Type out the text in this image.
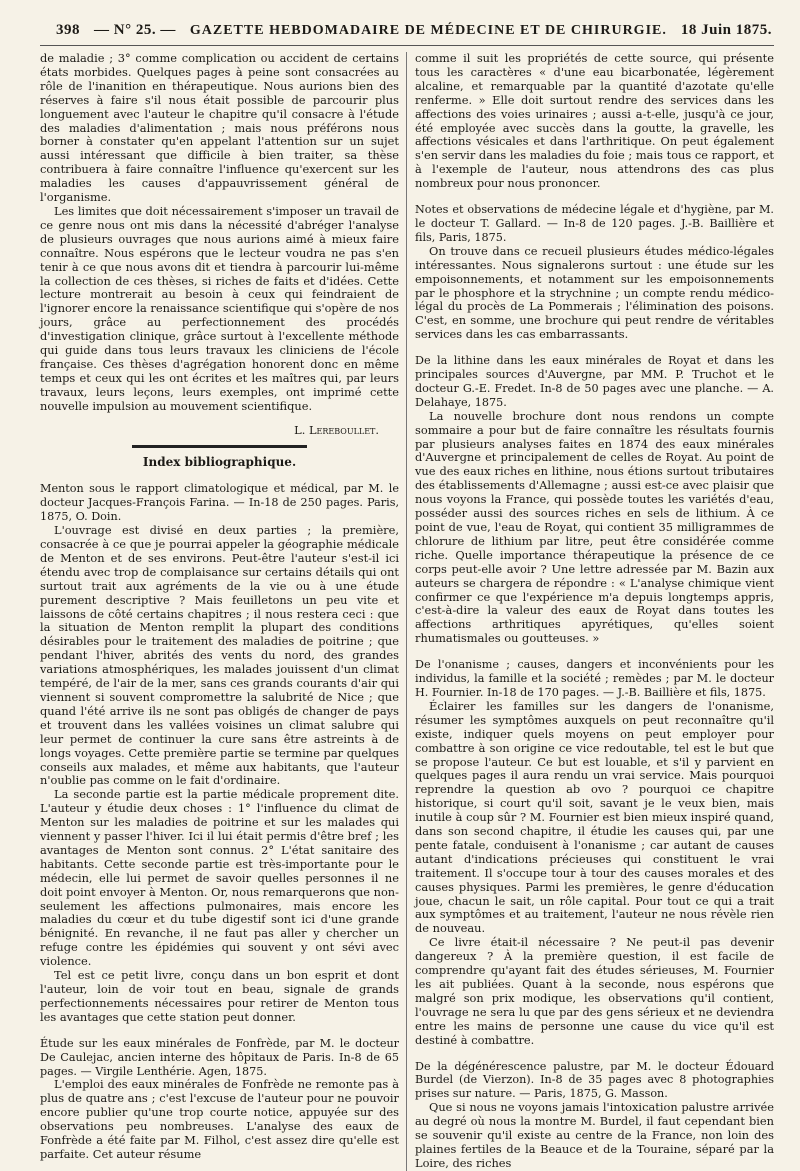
398 — N° 25. — GAZETTE HEBDOMADAIRE DE MÉDECINE ET DE CHIRURGIE. 18 Juin 1875.

de maladie ; 3° comme complication ou accident de certains états morbides. Quelques pages à peine sont consacrées au rôle de l'inanition en thérapeutique. Nous aurions bien des réserves à faire s'il nous était possible de parcourir plus longuement avec l'auteur le chapitre qu'il consacre à l'étude des maladies d'alimentation ; mais nous préférons nous borner à constater qu'en appelant l'attention sur un sujet aussi intéressant que difficile à bien traiter, sa thèse contribuera à faire connaître l'influence qu'exercent sur les maladies les causes d'appauvrissement général de l'organisme.

Les limites que doit nécessairement s'imposer un travail de ce genre nous ont mis dans la nécessité d'abréger l'analyse de plusieurs ouvrages que nous aurions aimé à mieux faire connaître. Nous espérons que le lecteur voudra ne pas s'en tenir à ce que nous avons dit et tiendra à parcourir lui-même la collection de ces thèses, si riches de faits et d'idées. Cette lecture montrerait au besoin à ceux qui feindraient de l'ignorer encore la renaissance scientifique qui s'opère de nos jours, grâce au perfectionnement des procédés d'investigation clinique, grâce surtout à l'excellente méthode qui guide dans tous leurs travaux les cliniciens de l'école française. Ces thèses d'agrégation honorent donc en même temps et ceux qui les ont écrites et les maîtres qui, par leurs travaux, leurs leçons, leurs exemples, ont imprimé cette nouvelle impulsion au mouvement scientifique.

L. Lereboullet.
Index bibliographique.

Menton sous le rapport climatologique et médical, par M. le docteur Jacques-François Farina. — In-18 de 250 pages. Paris, 1875, O. Doin.

L'ouvrage est divisé en deux parties ; la première, consacrée à ce que je pourrai appeler la géographie médicale de Menton et de ses environs. Peut-être l'auteur s'est-il ici étendu avec trop de complaisance sur certains détails qui ont surtout trait aux agréments de la vie ou à une étude purement descriptive ? Mais feuilletons un peu vite et laissons de côté certains chapitres ; il nous restera ceci : que la situation de Menton remplit la plupart des conditions désirables pour le traitement des maladies de poitrine ; que pendant l'hiver, abrités des vents du nord, des grandes variations atmosphériques, les malades jouissent d'un climat tempéré, de l'air de la mer, sans ces grands courants d'air qui viennent si souvent compromettre la salubrité de Nice ; que quand l'été arrive ils ne sont pas obligés de changer de pays et trouvent dans les vallées voisines un climat salubre qui leur permet de continuer la cure sans être astreints à de longs voyages. Cette première partie se termine par quelques conseils aux malades, et même aux habitants, que l'auteur n'oublie pas comme on le fait d'ordinaire.

La seconde partie est la partie médicale proprement dite. L'auteur y étudie deux choses : 1° l'influence du climat de Menton sur les maladies de poitrine et sur les malades qui viennent y passer l'hiver. Ici il lui était permis d'être bref ; les avantages de Menton sont connus. 2° L'état sanitaire des habitants. Cette seconde partie est très-importante pour le médecin, elle lui permet de savoir quelles personnes il ne doit point envoyer à Menton. Or, nous remarquerons que non-seulement les affections pulmonaires, mais encore les maladies du cœur et du tube digestif sont ici d'une grande bénignité. En revanche, il ne faut pas aller y chercher un refuge contre les épidémies qui souvent y ont sévi avec violence.

Tel est ce petit livre, conçu dans un bon esprit et dont l'auteur, loin de voir tout en beau, signale de grands perfectionnements nécessaires pour retirer de Menton tous les avantages que cette station peut donner.

Étude sur les eaux minérales de Fonfrède, par M. le docteur De Caulejac, ancien interne des hôpitaux de Paris. In-8 de 65 pages. — Virgile Lenthérie. Agen, 1875.

L'emploi des eaux minérales de Fonfrède ne remonte pas à plus de quatre ans ; c'est l'excuse de l'auteur pour ne pouvoir encore publier qu'une trop courte notice, appuyée sur des observations peu nombreuses. L'analyse des eaux de Fonfrède a été faite par M. Filhol, c'est assez dire qu'elle est parfaite. Cet auteur résume

comme il suit les propriétés de cette source, qui présente tous les caractères « d'une eau bicarbonatée, légèrement alcaline, et remarquable par la quantité d'azotate qu'elle renferme. » Elle doit surtout rendre des services dans les affections des voies urinaires ; aussi a-t-elle, jusqu'à ce jour, été employée avec succès dans la goutte, la gravelle, les affections vésicales et dans l'arthritique. On peut également s'en servir dans les maladies du foie ; mais tous ce rapport, et à l'exemple de l'auteur, nous attendrons des cas plus nombreux pour nous prononcer.

Notes et observations de médecine légale et d'hygiène, par M. le docteur T. Gallard. — In-8 de 120 pages. J.-B. Baillière et fils, Paris, 1875.

On trouve dans ce recueil plusieurs études médico-légales intéressantes. Nous signalerons surtout : une étude sur les empoisonnements, et notamment sur les empoisonnements par le phosphore et la strychnine ; un compte rendu médico-légal du procès de La Pommerais ; l'élimination des poisons. C'est, en somme, une brochure qui peut rendre de véritables services dans les cas embarrassants.

De la lithine dans les eaux minérales de Royat et dans les principales sources d'Auvergne, par MM. P. Truchot et le docteur G.-E. Fredet. In-8 de 50 pages avec une planche. — A. Delahaye, 1875.

La nouvelle brochure dont nous rendons un compte sommaire a pour but de faire connaître les résultats fournis par plusieurs analyses faites en 1874 des eaux minérales d'Auvergne et principalement de celles de Royat. Au point de vue des eaux riches en lithine, nous étions surtout tributaires des établissements d'Allemagne ; aussi est-ce avec plaisir que nous voyons la France, qui possède toutes les variétés d'eau, posséder aussi des sources riches en sels de lithium. À ce point de vue, l'eau de Royat, qui contient 35 milligrammes de chlorure de lithium par litre, peut être considérée comme riche. Quelle importance thérapeutique la présence de ce corps peut-elle avoir ? Une lettre adressée par M. Bazin aux auteurs se chargera de répondre : « L'analyse chimique vient confirmer ce que l'expérience m'a depuis longtemps appris, c'est-à-dire la valeur des eaux de Royat dans toutes les affections arthritiques apyrétiques, qu'elles soient rhumatismales ou goutteuses. »

De l'onanisme ; causes, dangers et inconvénients pour les individus, la famille et la société ; remèdes ; par M. le docteur H. Fournier. In-18 de 170 pages. — J.-B. Baillière et fils, 1875.

Éclairer les familles sur les dangers de l'onanisme, résumer les symptômes auxquels on peut reconnaître qu'il existe, indiquer quels moyens on peut employer pour combattre à son origine ce vice redoutable, tel est le but que se propose l'auteur. Ce but est louable, et s'il y parvient en quelques pages il aura rendu un vrai service. Mais pourquoi reprendre la question ab ovo ? pourquoi ce chapitre historique, si court qu'il soit, savant je le veux bien, mais inutile à coup sûr ? M. Fournier est bien mieux inspiré quand, dans son second chapitre, il étudie les causes qui, par une pente fatale, conduisent à l'onanisme ; car autant de causes autant d'indications précieuses qui constituent le vrai traitement. Il s'occupe tour à tour des causes morales et des causes physiques. Parmi les premières, le genre d'éducation joue, chacun le sait, un rôle capital. Pour tout ce qui a trait aux symptômes et au traitement, l'auteur ne nous révèle rien de nouveau.

Ce livre était-il nécessaire ? Ne peut-il pas devenir dangereux ? À la première question, il est facile de comprendre qu'ayant fait des études sérieuses, M. Fournier les ait publiées. Quant à la seconde, nous espérons que malgré son prix modique, les observations qu'il contient, l'ouvrage ne sera lu que par des gens sérieux et ne deviendra entre les mains de personne une cause du vice qu'il est destiné à combattre.

De la dégénérescence palustre, par M. le docteur Édouard Burdel (de Vierzon). In-8 de 35 pages avec 8 photographies prises sur nature. — Paris, 1875, G. Masson.

Que si nous ne voyons jamais l'intoxication palustre arrivée au degré où nous la montre M. Burdel, il faut cependant bien se souvenir qu'il existe au centre de la France, non loin des plaines fertiles de la Beauce et de la Touraine, séparé par la Loire, des riches
